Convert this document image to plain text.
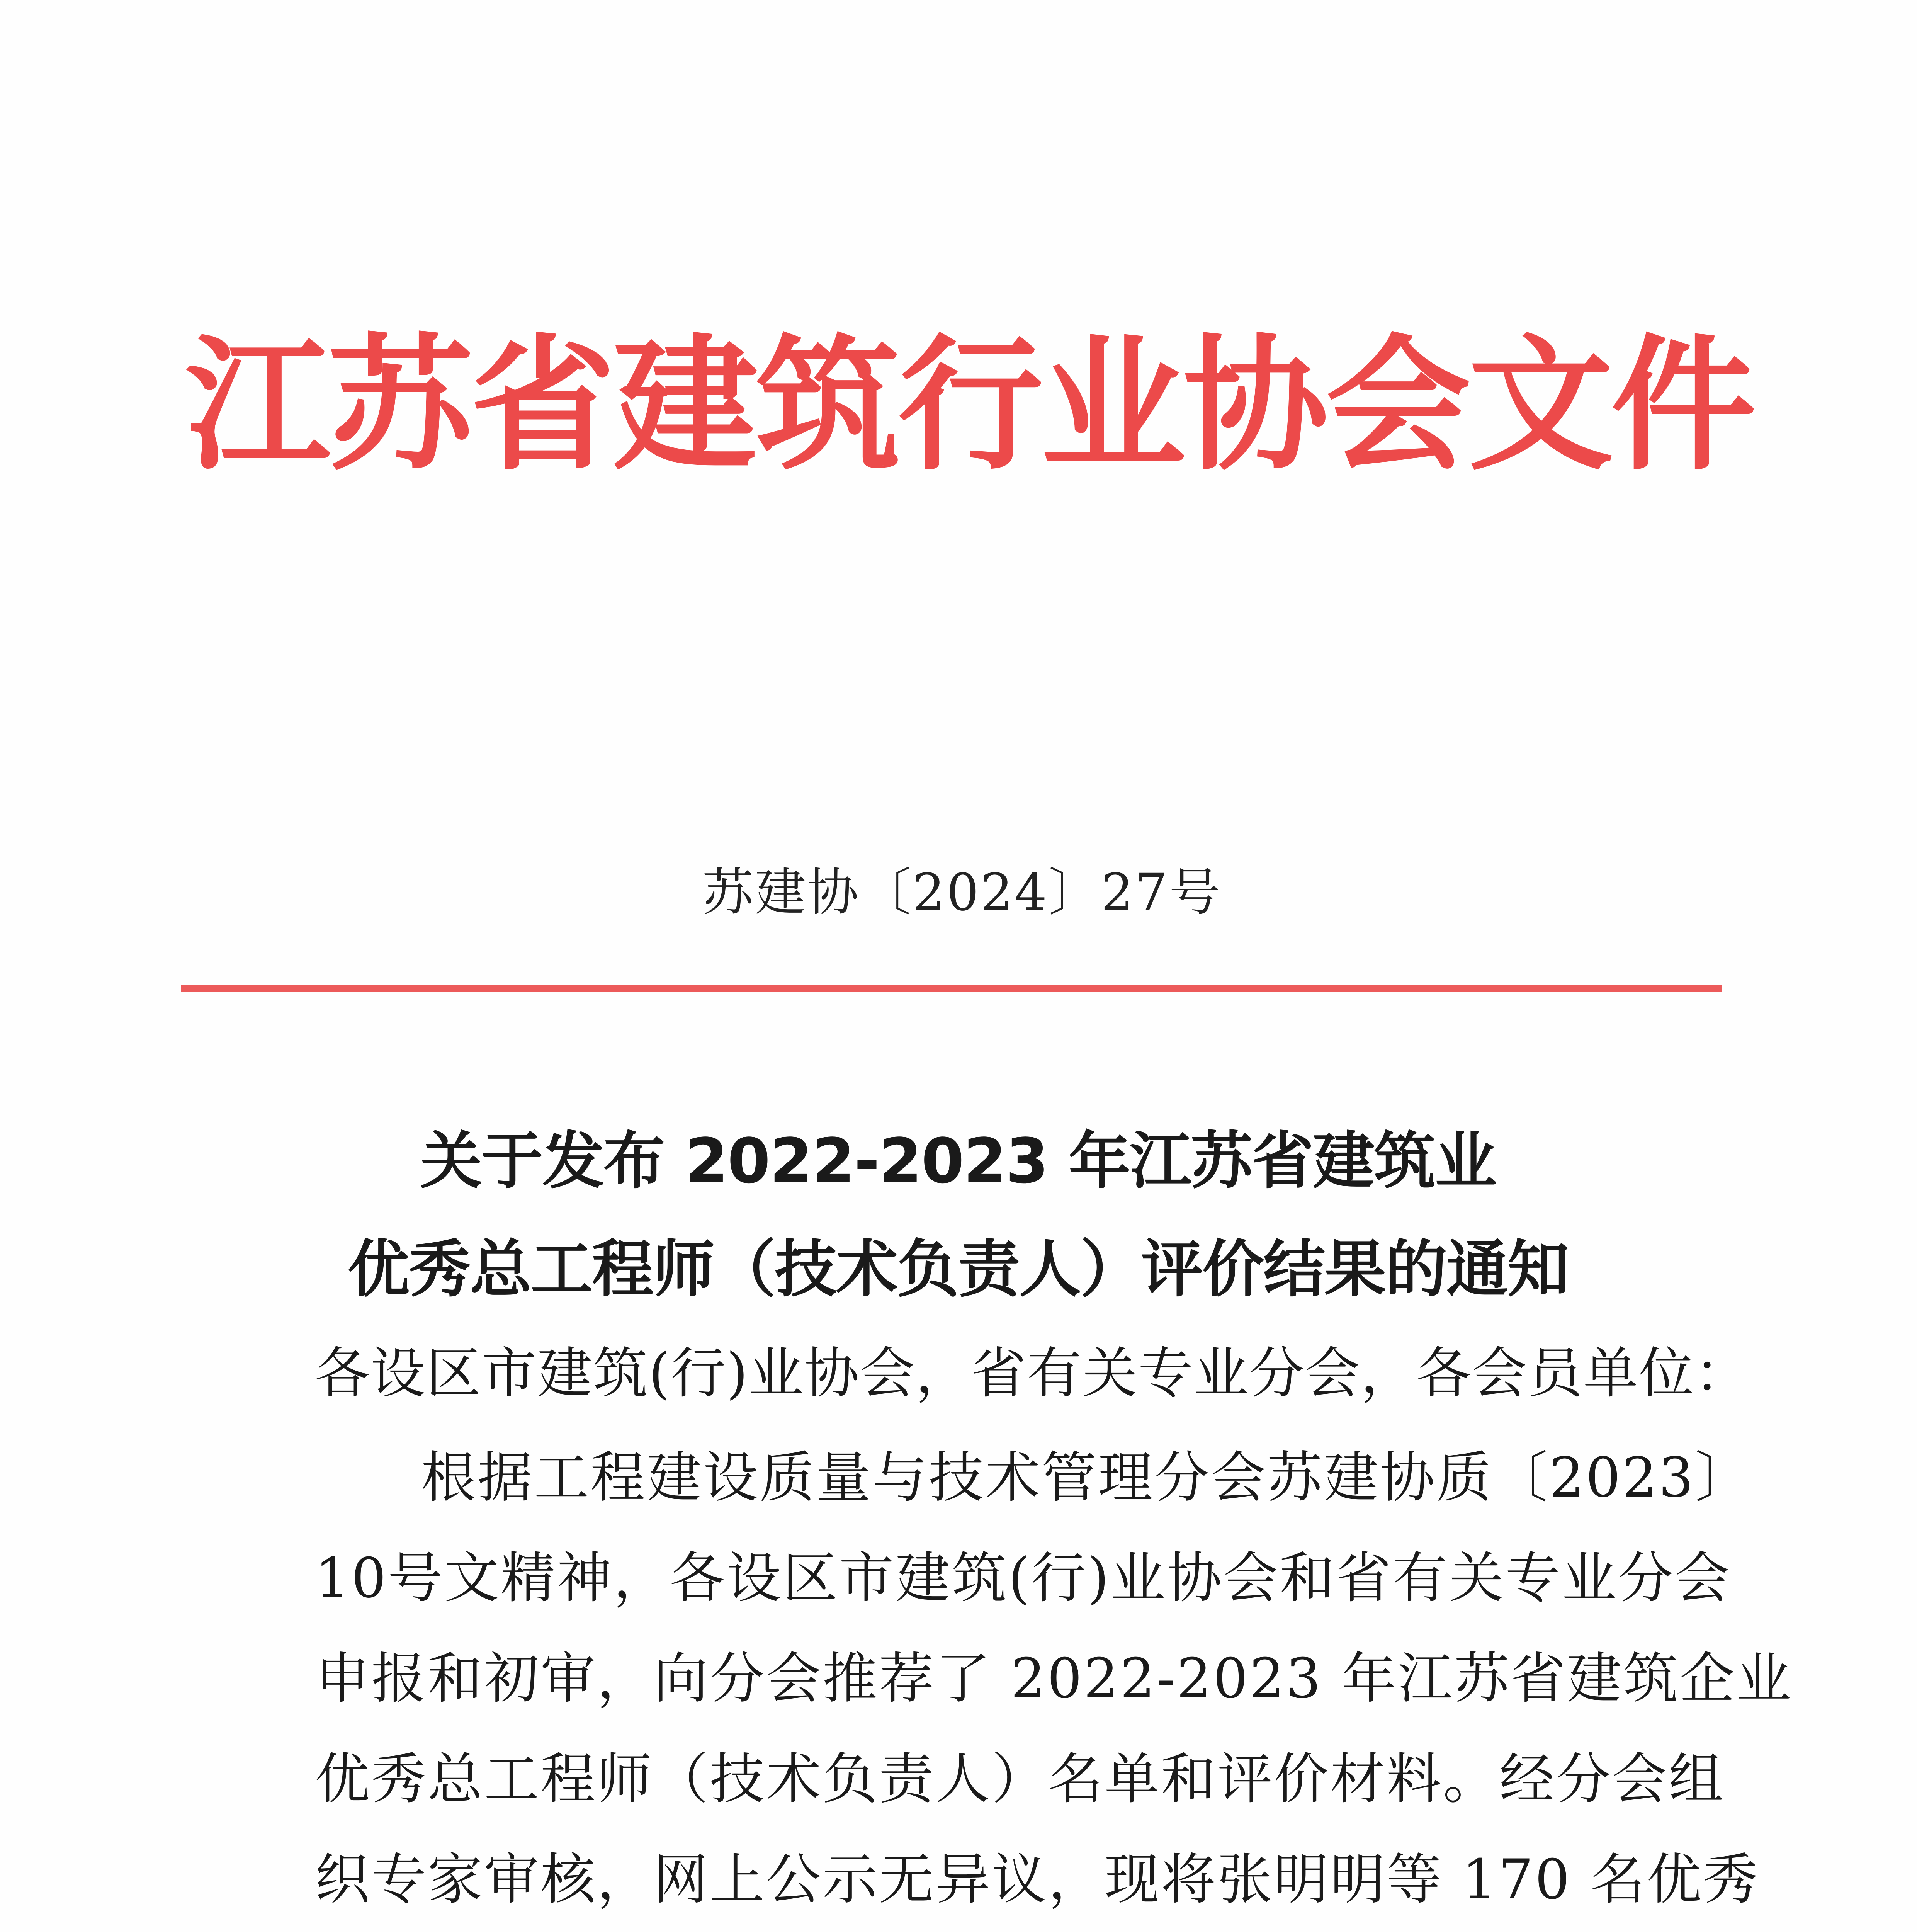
江苏省建筑行业协会文件
苏建协〔2024〕27号
关于发布 2022-2023 年江苏省建筑业
优秀总工程师（技术负责人）评价结果的通知
各设区市建筑(行)业协会，省有关专业分会，各会员单位：
根据工程建设质量与技术管理分会苏建协质〔2023〕
10号文精神，各设区市建筑(行)业协会和省有关专业分会
申报和初审，向分会推荐了 2022-2023 年江苏省建筑企业
优秀总工程师（技术负责人）名单和评价材料。经分会组
织专家审核，网上公示无异议，现将张明明等 170 名优秀
